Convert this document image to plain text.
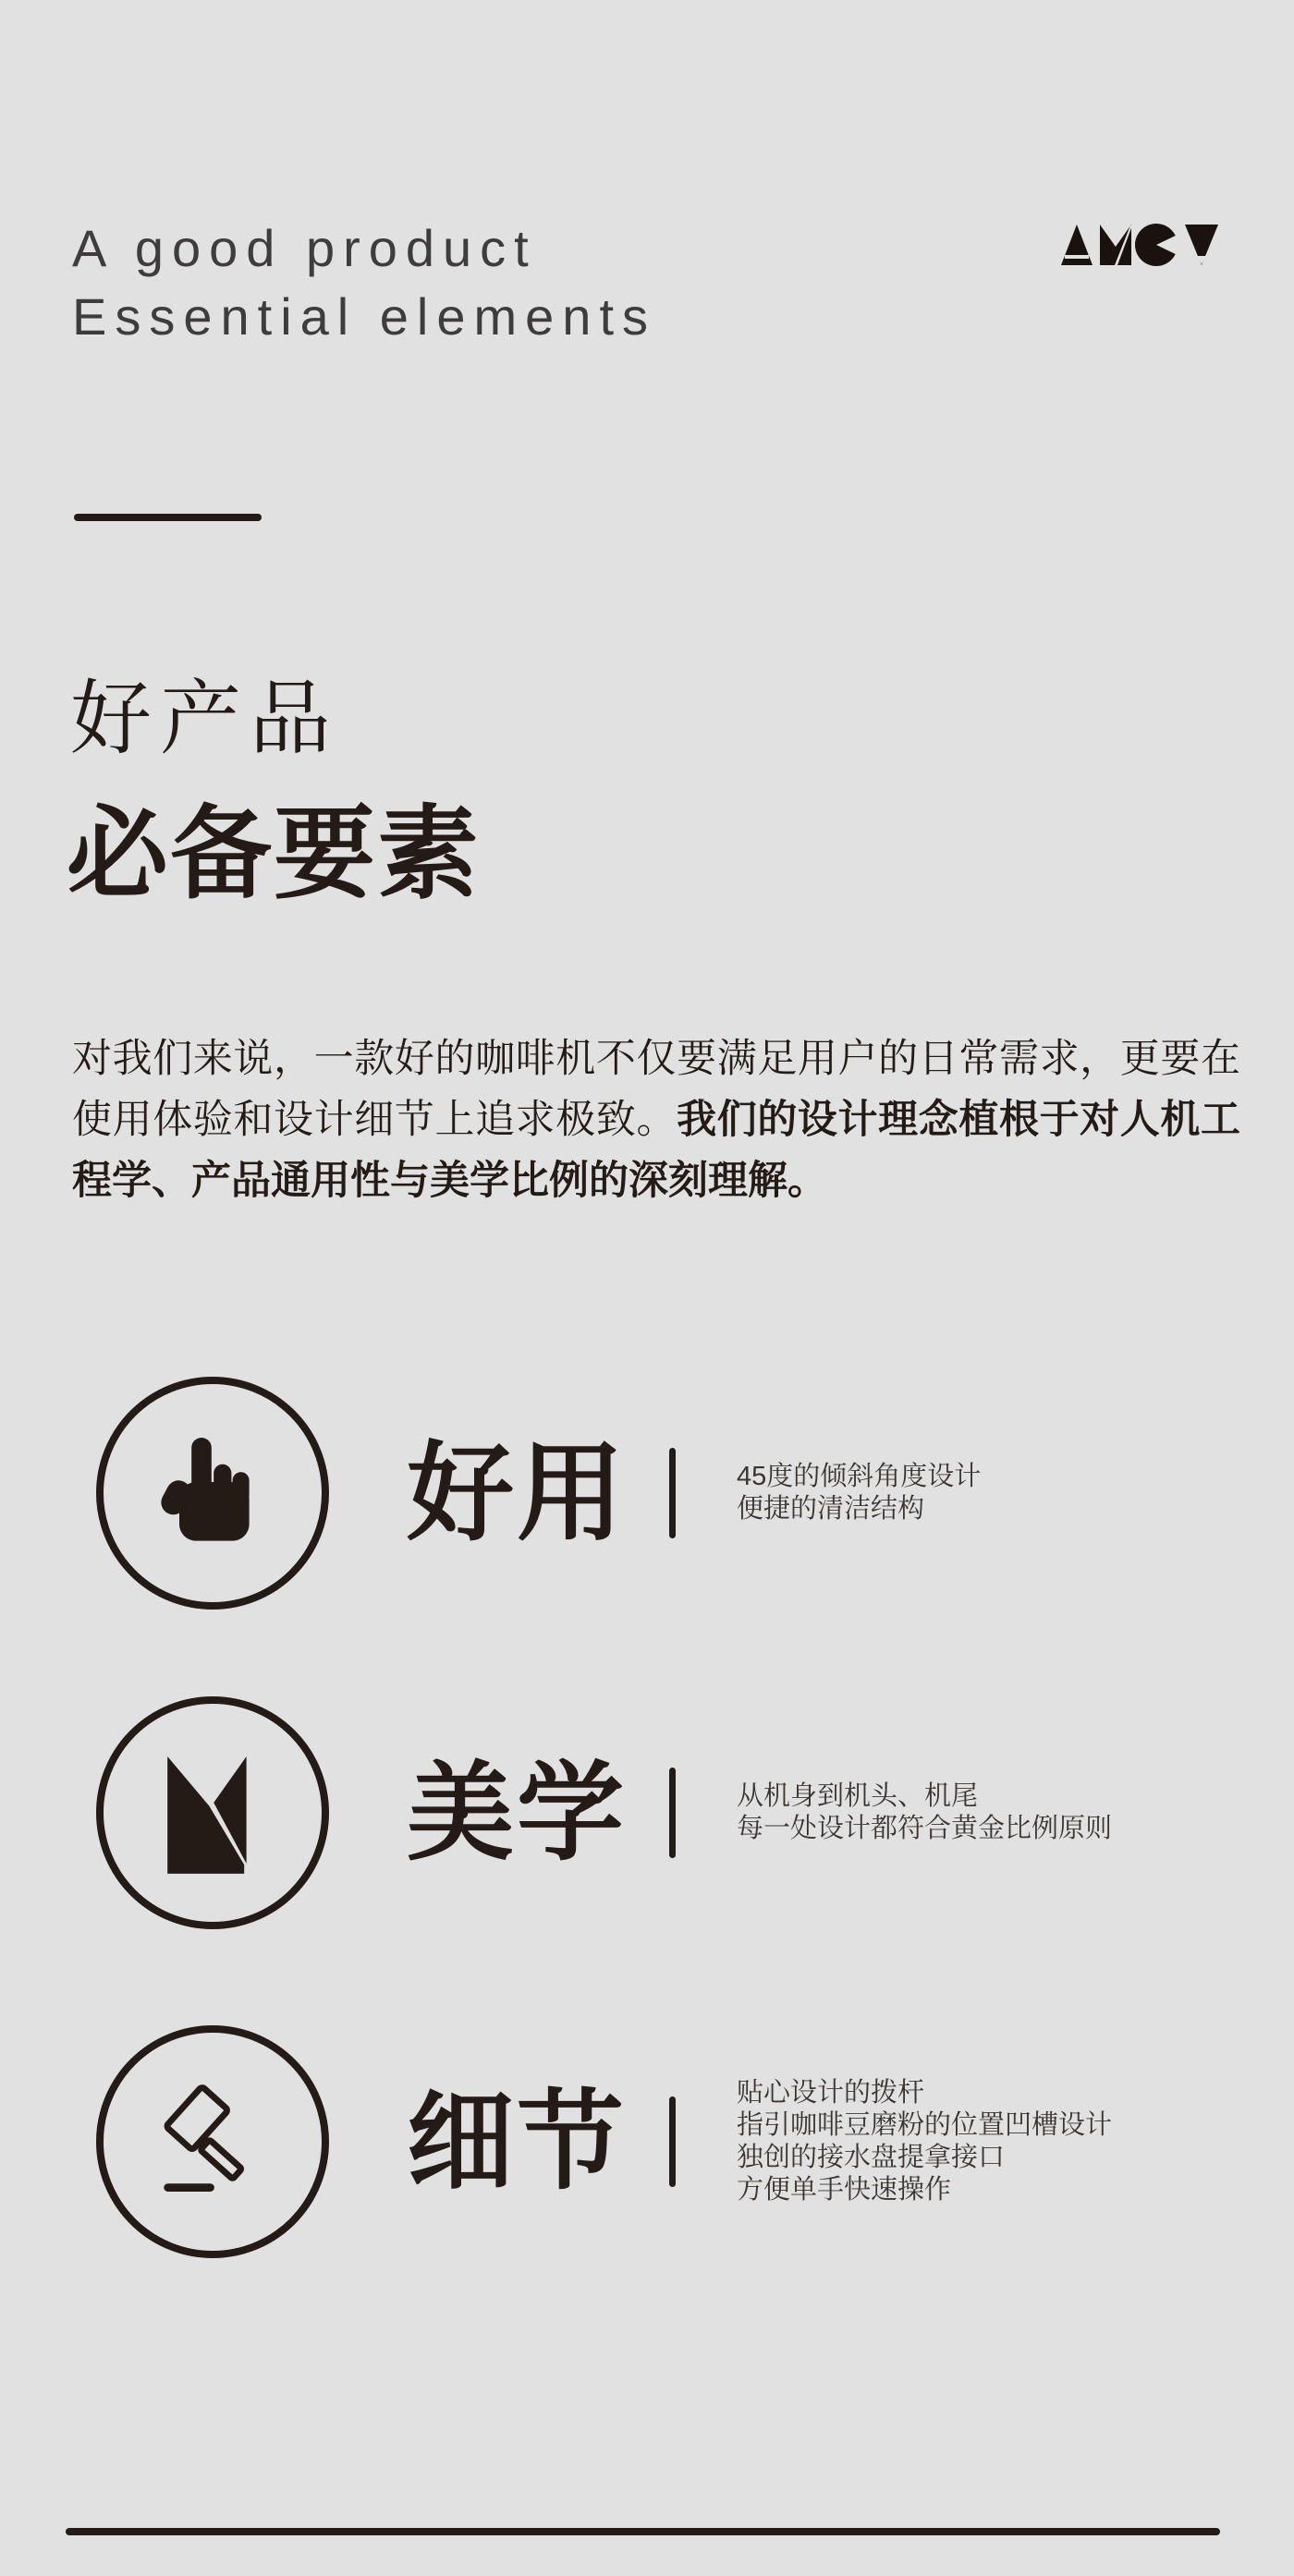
A good product
Essential elements
好产品
必备要素

对我们来说，一款好的咖啡机不仅要满足用户的日常需求，更要在使用体验和设计细节上追求极致。我们的设计理念植根于对人机工程学、产品通用性与美学比例的深刻理解。

好用	45度的倾斜角度设计
便捷的清洁结构
美学	从机身到机头、机尾
每一处设计都符合黄金比例原则
细节	贴心设计的拨杆
指引咖啡豆磨粉的位置凹槽设计
独创的接水盘提拿接口
方便单手快速操作
